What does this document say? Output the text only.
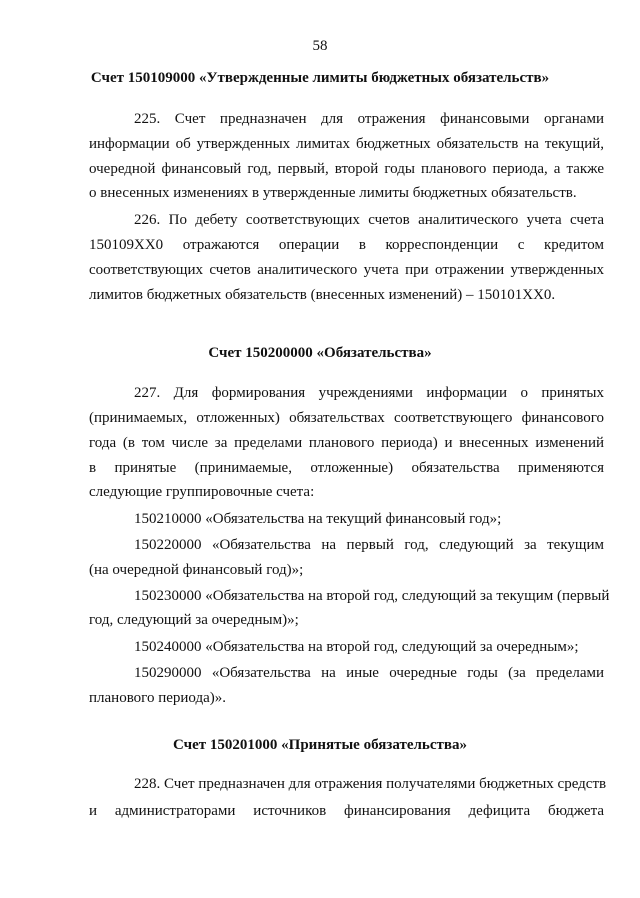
58
Счет 150109000 «Утвержденные лимиты бюджетных обязательств»
225. Счет предназначен для отражения финансовыми органами
информации об утвержденных лимитах бюджетных обязательств на текущий,
очередной финансовый год, первый, второй годы планового периода, а также
о внесенных изменениях в утвержденные лимиты бюджетных обязательств.
226. По дебету соответствующих счетов аналитического учета счета
150109ХХ0 отражаются операции в корреспонденции с кредитом
соответствующих счетов аналитического учета при отражении утвержденных
лимитов бюджетных обязательств (внесенных изменений) – 150101ХХ0.
Счет 150200000 «Обязательства»
227. Для формирования учреждениями информации о принятых
(принимаемых, отложенных) обязательствах соответствующего финансового
года (в том числе за пределами планового периода) и внесенных изменений
в принятые (принимаемые, отложенные) обязательства применяются
следующие группировочные счета:
150210000 «Обязательства на текущий финансовый год»;
150220000 «Обязательства на первый год, следующий за текущим
(на очередной финансовый год)»;
150230000 «Обязательства на второй год, следующий за текущим (первый
год, следующий за очередным)»;
150240000 «Обязательства на второй год, следующий за очередным»;
150290000 «Обязательства на иные очередные годы (за пределами
планового периода)».
Счет 150201000 «Принятые обязательства»
228. Счет предназначен для отражения получателями бюджетных средств
и администраторами источников финансирования дефицита бюджета
